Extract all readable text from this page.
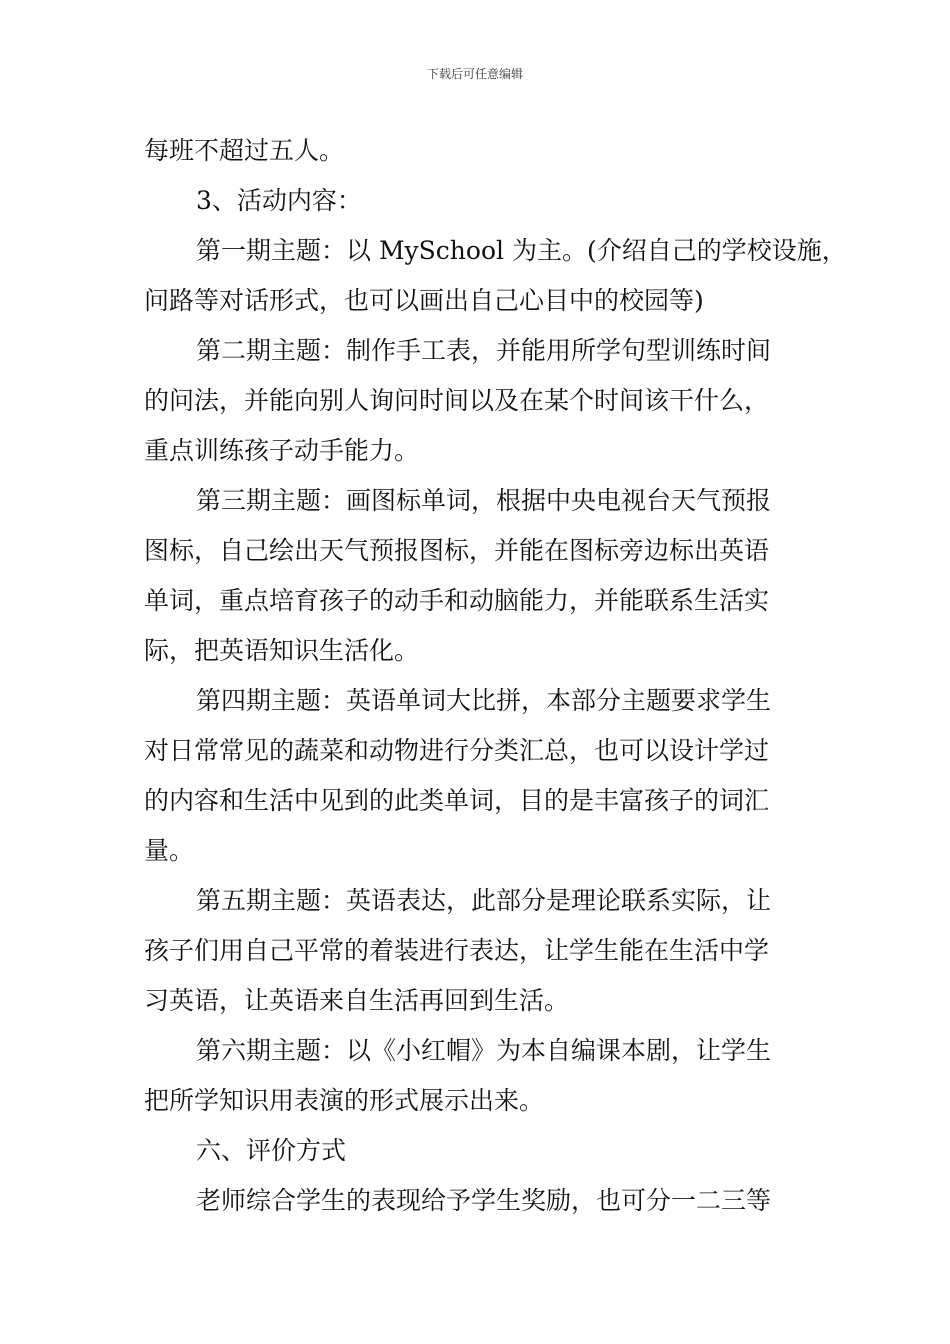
下载后可任意编辑
每班不超过五人。
3、活动内容：
第一期主题：以 MySchool 为主。(介绍自己的学校设施，
问路等对话形式，也可以画出自己心目中的校园等)
第二期主题：制作手工表，并能用所学句型训练时间
的问法，并能向别人询问时间以及在某个时间该干什么，
重点训练孩子动手能力。
第三期主题：画图标单词，根据中央电视台天气预报
图标，自己绘出天气预报图标，并能在图标旁边标出英语
单词，重点培育孩子的动手和动脑能力，并能联系生活实
际，把英语知识生活化。
第四期主题：英语单词大比拼，本部分主题要求学生
对日常常见的蔬菜和动物进行分类汇总，也可以设计学过
的内容和生活中见到的此类单词，目的是丰富孩子的词汇
量。
第五期主题：英语表达，此部分是理论联系实际，让
孩子们用自己平常的着装进行表达，让学生能在生活中学
习英语，让英语来自生活再回到生活。
第六期主题：以《小红帽》为本自编课本剧，让学生
把所学知识用表演的形式展示出来。
六、评价方式
老师综合学生的表现给予学生奖励，也可分一二三等
